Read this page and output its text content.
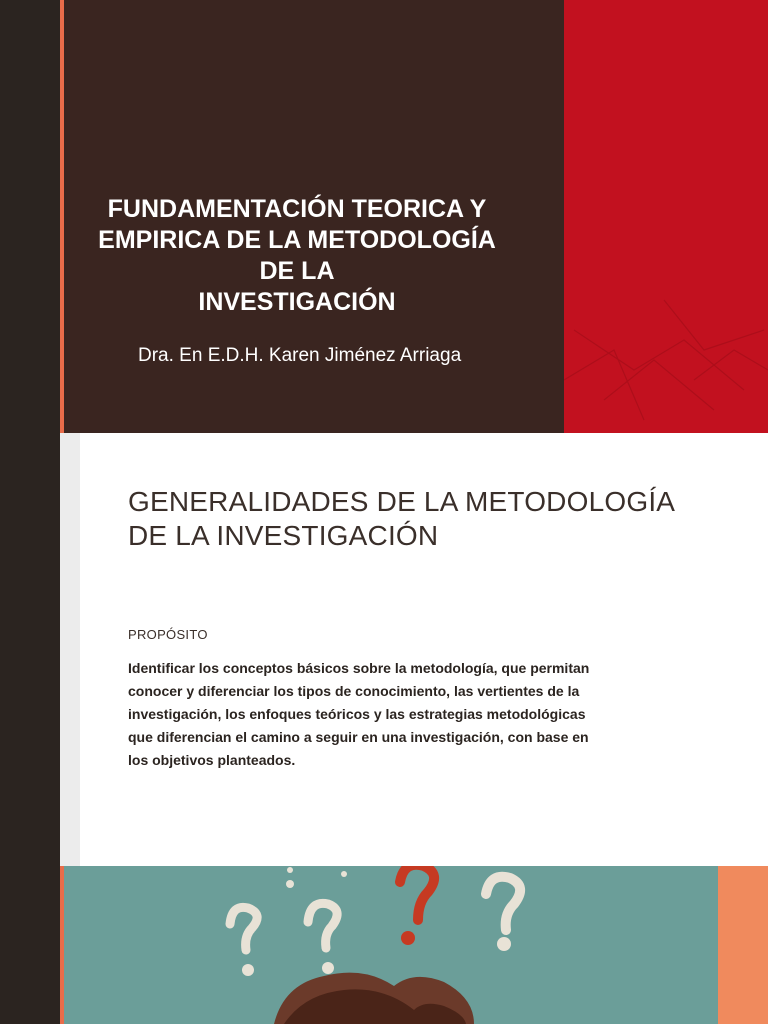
FUNDAMENTACIÓN TEORICA Y
EMPIRICA DE LA METODOLOGÍA
DE LA
INVESTIGACIÓN

Dra. En E.D.H. Karen Jiménez Arriaga

GENERALIDADES DE LA METODOLOGÍA
DE LA INVESTIGACIÓN

PROPÓSITO

Identificar los conceptos básicos sobre la metodología, que permitan
conocer y diferenciar los tipos de conocimiento, las vertientes de la
investigación, los enfoques teóricos y las estrategias metodológicas
que diferencian el camino a seguir en una investigación, con base en
los objetivos planteados.
